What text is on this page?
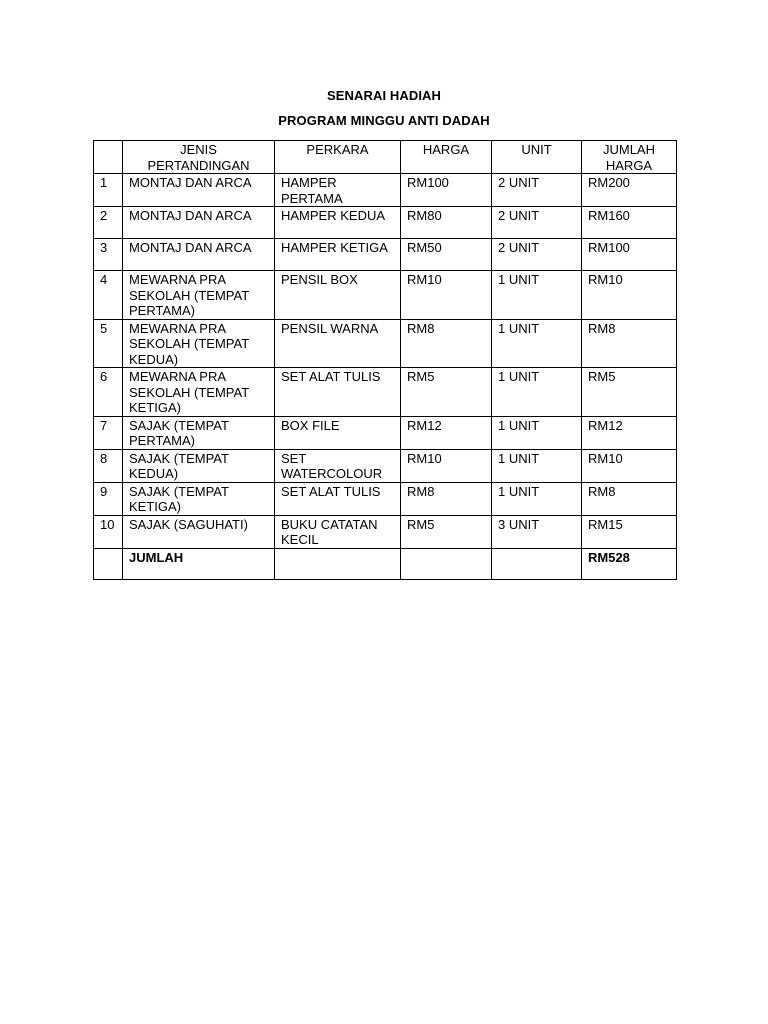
SENARAI HADIAH
PROGRAM MINGGU ANTI DADAH
	JENIS PERTANDINGAN	PERKARA	HARGA	UNIT	JUMLAH HARGA
1	MONTAJ DAN ARCA	HAMPER PERTAMA	RM100	2 UNIT	RM200
2	MONTAJ DAN ARCA	HAMPER KEDUA	RM80	2 UNIT	RM160
3	MONTAJ DAN ARCA	HAMPER KETIGA	RM50	2 UNIT	RM100
4	MEWARNA PRA SEKOLAH (TEMPAT PERTAMA)	PENSIL BOX	RM10	1 UNIT	RM10
5	MEWARNA PRA SEKOLAH (TEMPAT KEDUA)	PENSIL WARNA	RM8	1 UNIT	RM8
6	MEWARNA PRA SEKOLAH (TEMPAT KETIGA)	SET ALAT TULIS	RM5	1 UNIT	RM5
7	SAJAK (TEMPAT PERTAMA)	BOX FILE	RM12	1 UNIT	RM12
8	SAJAK (TEMPAT KEDUA)	SET WATERCOLOUR	RM10	1 UNIT	RM10
9	SAJAK (TEMPAT KETIGA)	SET ALAT TULIS	RM8	1 UNIT	RM8
10	SAJAK (SAGUHATI)	BUKU CATATAN KECIL	RM5	3 UNIT	RM15
	JUMLAH				RM528
